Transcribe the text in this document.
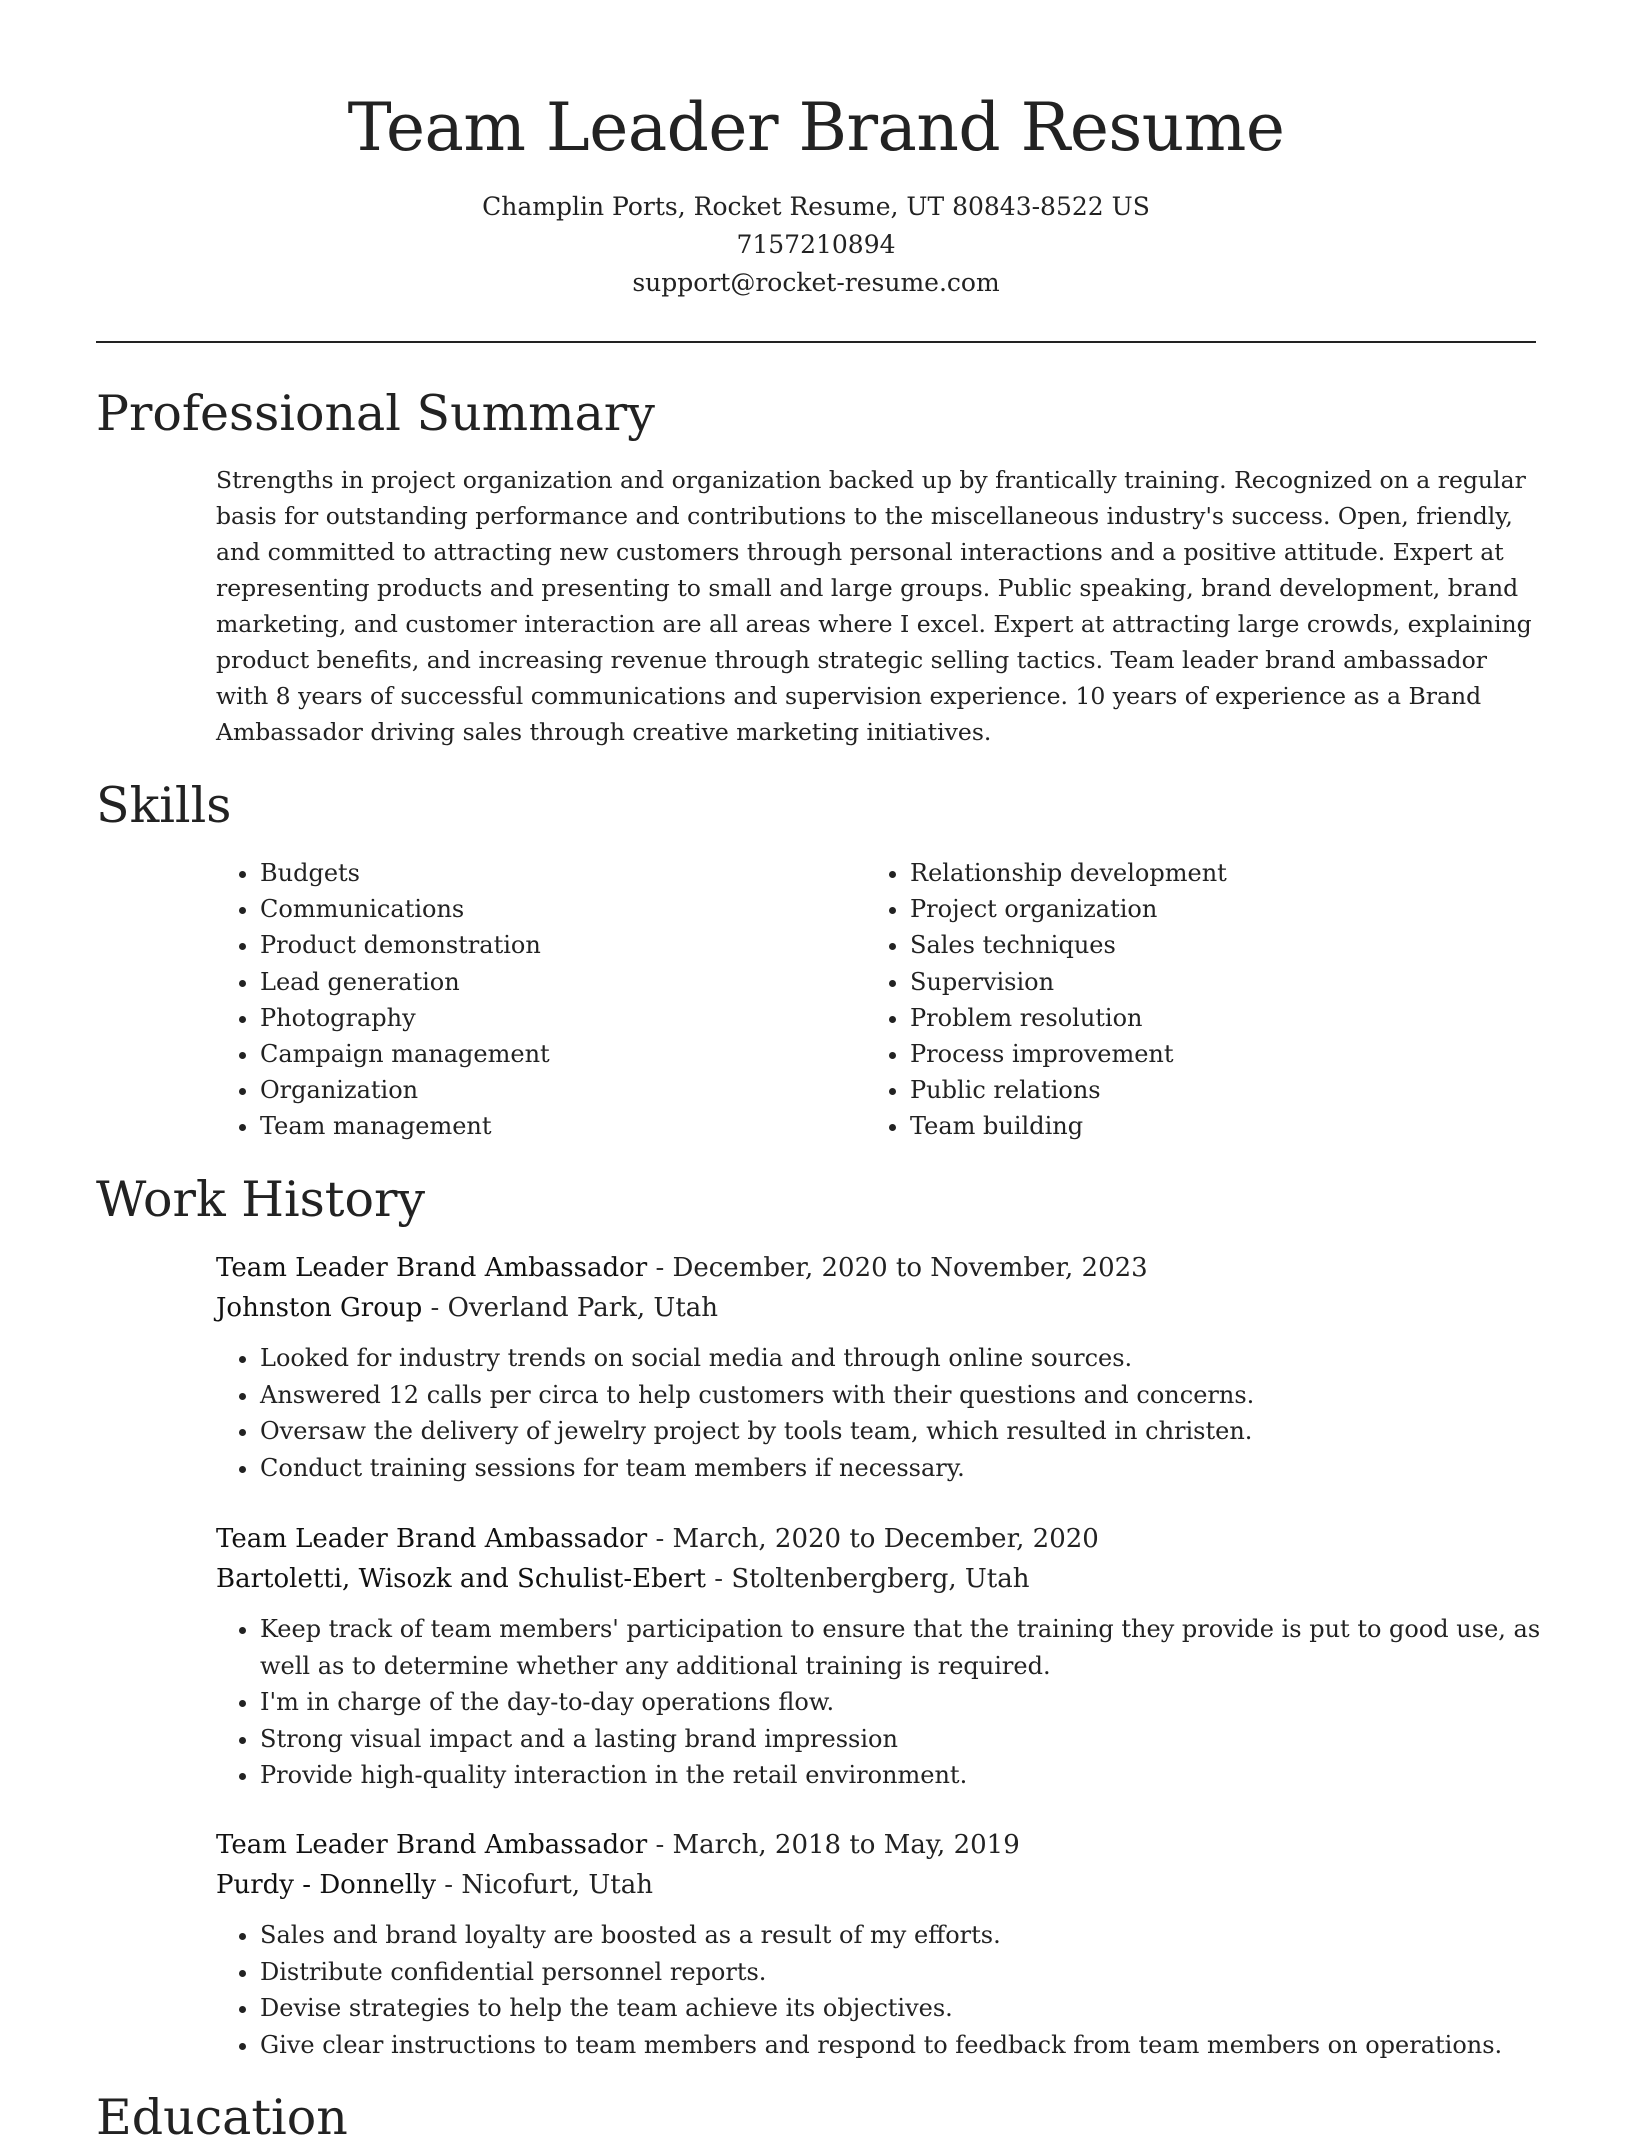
Team Leader Brand Resume
Champlin Ports, Rocket Resume, UT 80843-8522 US
7157210894
support@rocket-resume.com
Professional Summary

Strengths in project organization and organization backed up by frantically training. Recognized on a regular basis for outstanding performance and contributions to the miscellaneous industry's success. Open, friendly, and committed to attracting new customers through personal interactions and a positive attitude. Expert at representing products and presenting to small and large groups. Public speaking, brand development, brand marketing, and customer interaction are all areas where I excel. Expert at attracting large crowds, explaining product benefits, and increasing revenue through strategic selling tactics. Team leader brand ambassador with 8 years of successful communications and supervision experience. 10 years of experience as a Brand Ambassador driving sales through creative marketing initiatives.

Skills
• Budgets
• Communications
• Product demonstration
• Lead generation
• Photography
• Campaign management
• Organization
• Team management
• Relationship development
• Project organization
• Sales techniques
• Supervision
• Problem resolution
• Process improvement
• Public relations
• Team building
Work History
Team Leader Brand Ambassador - December, 2020 to November, 2023
Johnston Group - Overland Park, Utah
• Looked for industry trends on social media and through online sources.
• Answered 12 calls per circa to help customers with their questions and concerns.
• Oversaw the delivery of jewelry project by tools team, which resulted in christen.
• Conduct training sessions for team members if necessary.
Team Leader Brand Ambassador - March, 2020 to December, 2020
Bartoletti, Wisozk and Schulist-Ebert - Stoltenbergberg, Utah
• Keep track of team members' participation to ensure that the training they provide is put to good use, as well as to determine whether any additional training is required.
• I'm in charge of the day-to-day operations flow.
• Strong visual impact and a lasting brand impression
• Provide high-quality interaction in the retail environment.
Team Leader Brand Ambassador - March, 2018 to May, 2019
Purdy - Donnelly - Nicofurt, Utah
• Sales and brand loyalty are boosted as a result of my efforts.
• Distribute confidential personnel reports.
• Devise strategies to help the team achieve its objectives.
• Give clear instructions to team members and respond to feedback from team members on operations.
Education
